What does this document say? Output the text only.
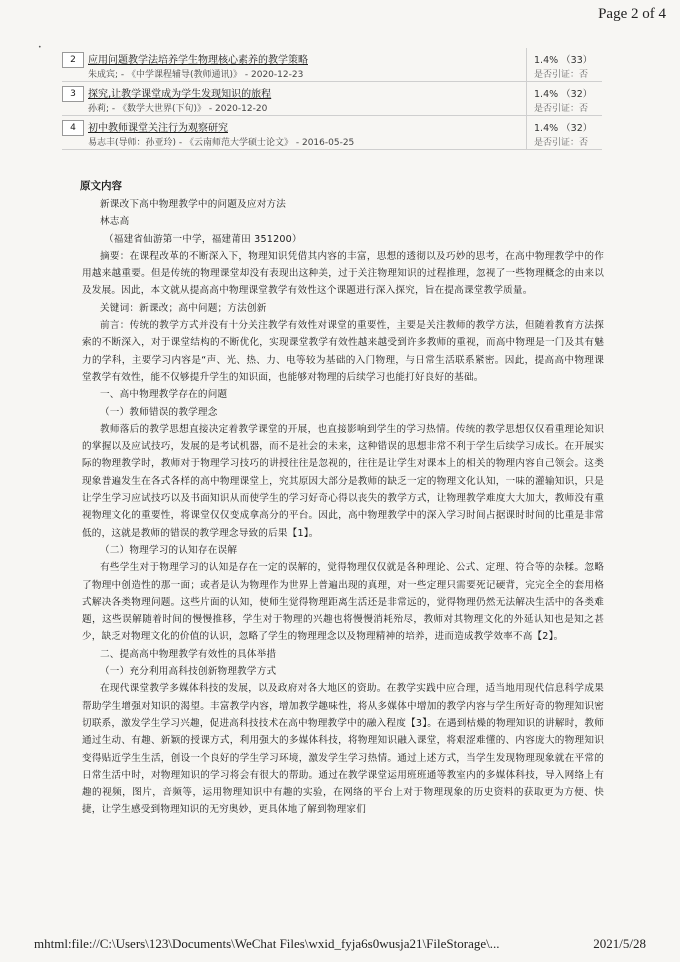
Page 2 of 4
•
2	应用问题教学法培养学生物理核心素养的教学策略
朱成宾; - 《中学课程辅导(教师通讯)》 - 2020-12-23
1.4% （33）
是否引证：否
3	探究,让教学课堂成为学生发现知识的旅程
孙莉; - 《数学大世界(下旬)》 - 2020-12-20
1.4% （32）
是否引证：否
4	初中教师课堂关注行为观察研究
易志丰(导师：孙亚玲) - 《云南师范大学硕士论文》 - 2016-05-25
1.4% （32）
是否引证：否
原文内容

新课改下高中物理教学中的问题及应对方法

林志高

（福建省仙游第一中学，福建莆田 351200）

摘要：在课程改革的不断深入下，物理知识凭借其内容的丰富，思想的透彻以及巧妙的思考，在高中物理教学中的作用越来越重要。但是传统的物理课堂却没有表现出这种美，过于关注物理知识的过程推理，忽视了一些物理概念的由来以及发展。因此，本文就从提高高中物理课堂教学有效性这个课题进行深入探究，旨在提高课堂教学质量。

关键词：新课改；高中问题；方法创新

前言：传统的教学方式并没有十分关注教学有效性对课堂的重要性，主要是关注教师的教学方法，但随着教育方法探索的不断深入，对于课堂结构的不断优化，实现课堂教学有效性越来越受到许多教师的重视，而高中物理是一门及其有魅力的学科，主要学习内容是“声、光、热、力、电等较为基础的入门物理，与日常生活联系紧密。因此，提高高中物理课堂教学有效性，能不仅够提升学生的知识面，也能够对物理的后续学习也能打好良好的基础。

一、高中物理教学存在的问题

（一）教师错误的教学理念

教师落后的教学思想直接决定着教学课堂的开展，也直接影响到学生的学习热情。传统的教学思想仅仅看重理论知识的掌握以及应试技巧，发展的是考试机器，而不是社会的未来，这种错误的思想非常不利于学生后续学习成长。在开展实际的物理教学时，教师对于物理学习技巧的讲授往往是忽视的，往往是让学生对课本上的相关的物理内容自己领会。这类现象普遍发生在各式各样的高中物理课堂上，究其原因大部分是教师的缺乏一定的物理文化认知，一味的灌输知识，只是让学生学习应试技巧以及书面知识从而使学生的学习好奇心得以丧失的教学方式，让物理教学难度大大加大，教师没有重视物理文化的重要性，将课堂仅仅变成拿高分的平台。因此，高中物理教学中的深入学习时间占据课时时间的比重是非常低的，这就是教师的错误的教学理念导致的后果【1】。

（二）物理学习的认知存在误解

有些学生对于物理学习的认知是存在一定的误解的，觉得物理仅仅就是各种理论、公式、定理、符合等的杂糅。忽略了物理中创造性的那一面；或者是认为物理作为世界上普遍出现的真理，对一些定理只需要死记硬背，完完全全的套用格式解决各类物理问题。这些片面的认知，使师生觉得物理距离生活还是非常远的，觉得物理仍然无法解决生活中的各类难题，这些误解随着时间的慢慢推移，学生对于物理的兴趣也将慢慢消耗殆尽，教师对其物理文化的外延认知也是知之甚少，缺乏对物理文化的价值的认识，忽略了学生的物理理念以及物理精神的培养，进而造成教学效率不高【2】。

二、提高高中物理教学有效性的具体举措

（一）充分利用高科技创新物理教学方式

在现代课堂教学多媒体科技的发展，以及政府对各大地区的资助。在教学实践中应合理，适当地用现代信息科学成果帮助学生增强对知识的渴望。丰富教学内容，增加教学趣味性，将从多媒体中增加的教学内容与学生所好奇的物理知识密切联系，激发学生学习兴趣，促进高科技技术在高中物理教学中的融入程度【3】。在遇到枯燥的物理知识的讲解时，教师通过生动、有趣、新颖的授课方式，利用强大的多媒体科技，将物理知识融入课堂，将艰涩难懂的、内容庞大的物理知识变得贴近学生生活，创设一个良好的学生学习环境，激发学生学习热情。通过上述方式，当学生发现物理现象就在平常的日常生活中时，对物理知识的学习将会有很大的帮助。通过在教学课堂运用班班通等教室内的多媒体科技，导入网络上有趣的视频，图片，音频等，运用物理知识中有趣的实验，在网络的平台上对于物理现象的历史资料的获取更为方便、快捷，让学生感受到物理知识的无穷奥妙，更具体地了解到物理家们

mhtml:file://C:\Users\123\Documents\WeChat Files\wxid_fyja6s0wusja21\FileStorage\...	2021/5/28
